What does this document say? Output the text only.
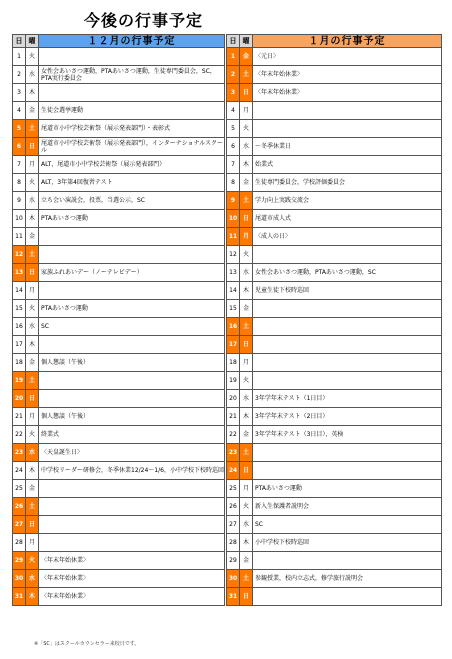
今後の行事予定
日	曜	１２月の行事予定
1	火	
2	水	女性会あいさつ運動，PTAあいさつ運動，生徒専門委員会，SC，PTA実行委員会
3	木	
4	金	生徒会選挙運動
5	土	尾道市小中学校芸術祭（展示発表部門）・表彰式
6	日	尾道市小中学校芸術祭（展示発表部門），インターナショナルスクール
7	月	ALT，尾道市小中学校芸術祭（展示発表部門）
8	火	ALT，3年第4回復習テスト
9	水	立ち会い演説会，投票，当選公示，SC
10	木	PTAあいさつ運動
11	金	
12	土	
13	日	家族ふれあいデー（ノーテレビデー）
14	月	
15	火	PTAあいさつ運動
16	水	SC
17	木	
18	金	個人懇談（午後）
19	土	
20	日	
21	月	個人懇談（午後）
22	火	終業式
23	水	〈天皇誕生日〉
24	木	中学校リーダー研修会，冬季休業12/24～1/6，小中学校下校時巡回
25	金	
26	土	
27	日	
28	月	
29	火	〈年末年始休業〉
30	水	〈年末年始休業〉
31	木	〈年末年始休業〉
日	曜	１月の行事予定
1	金	〈元日〉
2	土	〈年末年始休業〉
3	日	〈年末年始休業〉
4	月	
5	火	
6	水	～冬季休業日
7	木	始業式
8	金	生徒専門委員会，学校評価委員会
9	土	学力向上実践交流会
10	日	尾道市成人式
11	月	〈成人の日〉
12	火	
13	水	女性会あいさつ運動，PTAあいさつ運動，SC
14	木	児童生徒下校時巡回
15	金	
16	土	
17	日	
18	月	
19	火	
20	水	3年学年末テスト（1日目）
21	木	3年学年末テスト（2日目）
22	金	3年学年末テスト（3日目），英検
23	土	
24	日	
25	月	PTAあいさつ運動
26	火	新入生保護者説明会
27	水	SC
28	木	小中学校下校時巡回
29	金	
30	土	参観授業，校内立志式，修学旅行説明会
31	日	
※「SC」はスクールカウンセラー来校日です。
